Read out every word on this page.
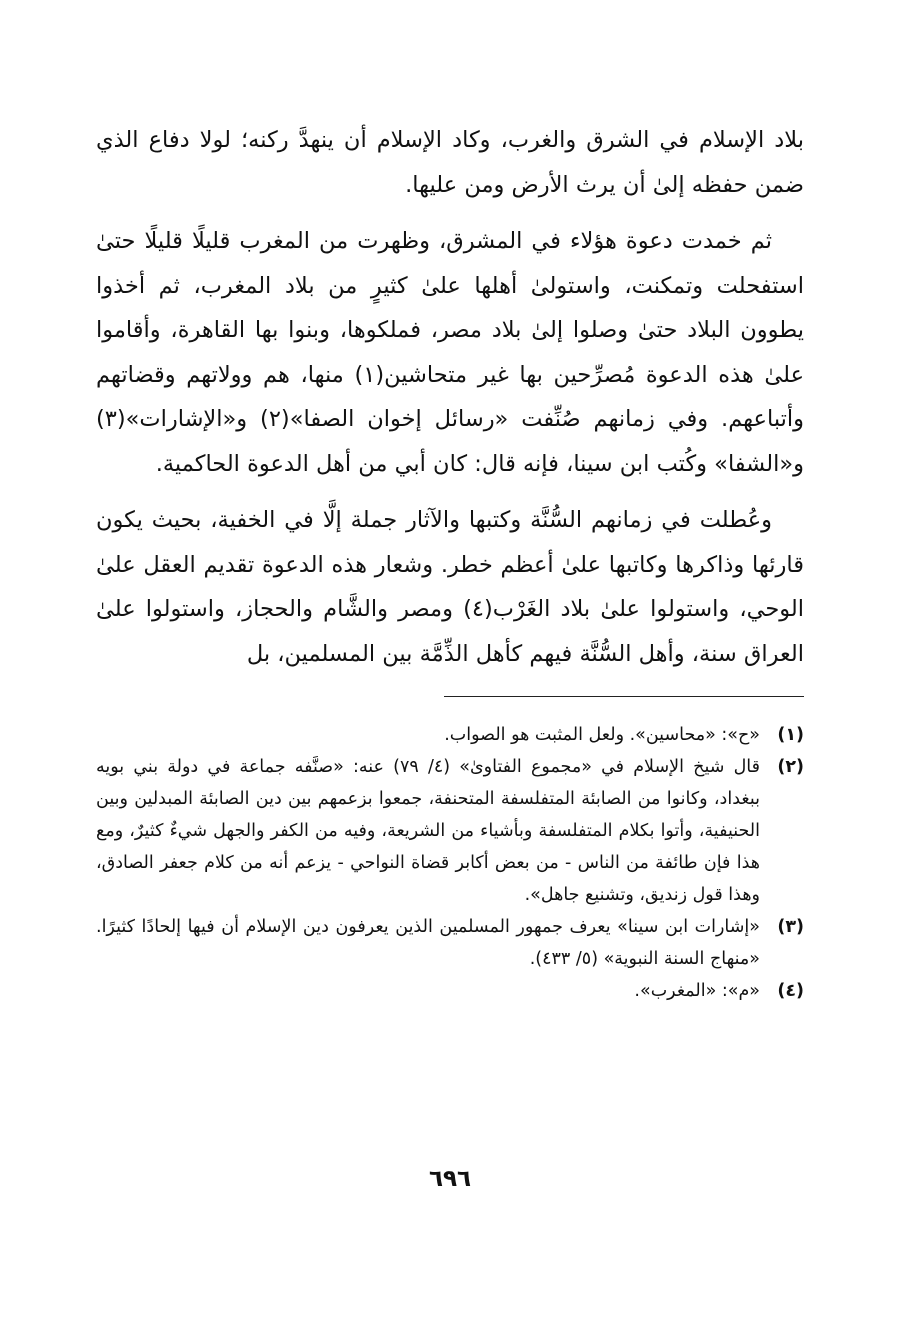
بلاد الإسلام في الشرق والغرب، وكاد الإسلام أن ينهدَّ ركنه؛ لولا دفاع الذي ضمن حفظه إلىٰ أن يرث الأرض ومن عليها.

ثم خمدت دعوة هؤلاء في المشرق، وظهرت من المغرب قليلًا قليلًا حتىٰ استفحلت وتمكنت، واستولىٰ أهلها علىٰ كثيرٍ من بلاد المغرب، ثم أخذوا يطوون البلاد حتىٰ وصلوا إلىٰ بلاد مصر، فملكوها، وبنوا بها القاهرة، وأقاموا علىٰ هذه الدعوة مُصرِّحين بها غير متحاشين(١) منها، هم وولاتهم وقضاتهم وأتباعهم. وفي زمانهم صُنِّفت «رسائل إخوان الصفا»(٢) و«الإشارات»(٣) و«الشفا» وكُتب ابن سينا، فإنه قال: كان أبي من أهل الدعوة الحاكمية.

وعُطلت في زمانهم السُّنَّة وكتبها والآثار جملة إلَّا في الخفية، بحيث يكون قارئها وذاكرها وكاتبها علىٰ أعظم خطر. وشعار هذه الدعوة تقديم العقل علىٰ الوحي، واستولوا علىٰ بلاد الغَرْب(٤) ومصر والشَّام والحجاز، واستولوا علىٰ العراق سنة، وأهل السُّنَّة فيهم كأهل الذِّمَّة بين المسلمين، بل

(١)
«ح»: «محاسين». ولعل المثبت هو الصواب.
(٢)
قال شيخ الإسلام في «مجموع الفتاوىٰ» (٤/ ٧٩) عنه: «صنَّفه جماعة في دولة بني بويه ببغداد، وكانوا من الصابئة المتفلسفة المتحنفة، جمعوا بزعمهم بين دين الصابئة المبدلين وبين الحنيفية، وأتوا بكلام المتفلسفة وبأشياء من الشريعة، وفيه من الكفر والجهل شيءٌ كثيرٌ، ومع هذا فإن طائفة من الناس - من بعض أكابر قضاة النواحي - يزعم أنه من كلام جعفر الصادق، وهذا قول زنديق، وتشنيع جاهل».
(٣)
«إشارات ابن سينا» يعرف جمهور المسلمين الذين يعرفون دين الإسلام أن فيها إلحادًا كثيرًا. «منهاج السنة النبوية» (٥/ ٤٣٣).
(٤)
«م»: «المغرب».
٦٩٦
